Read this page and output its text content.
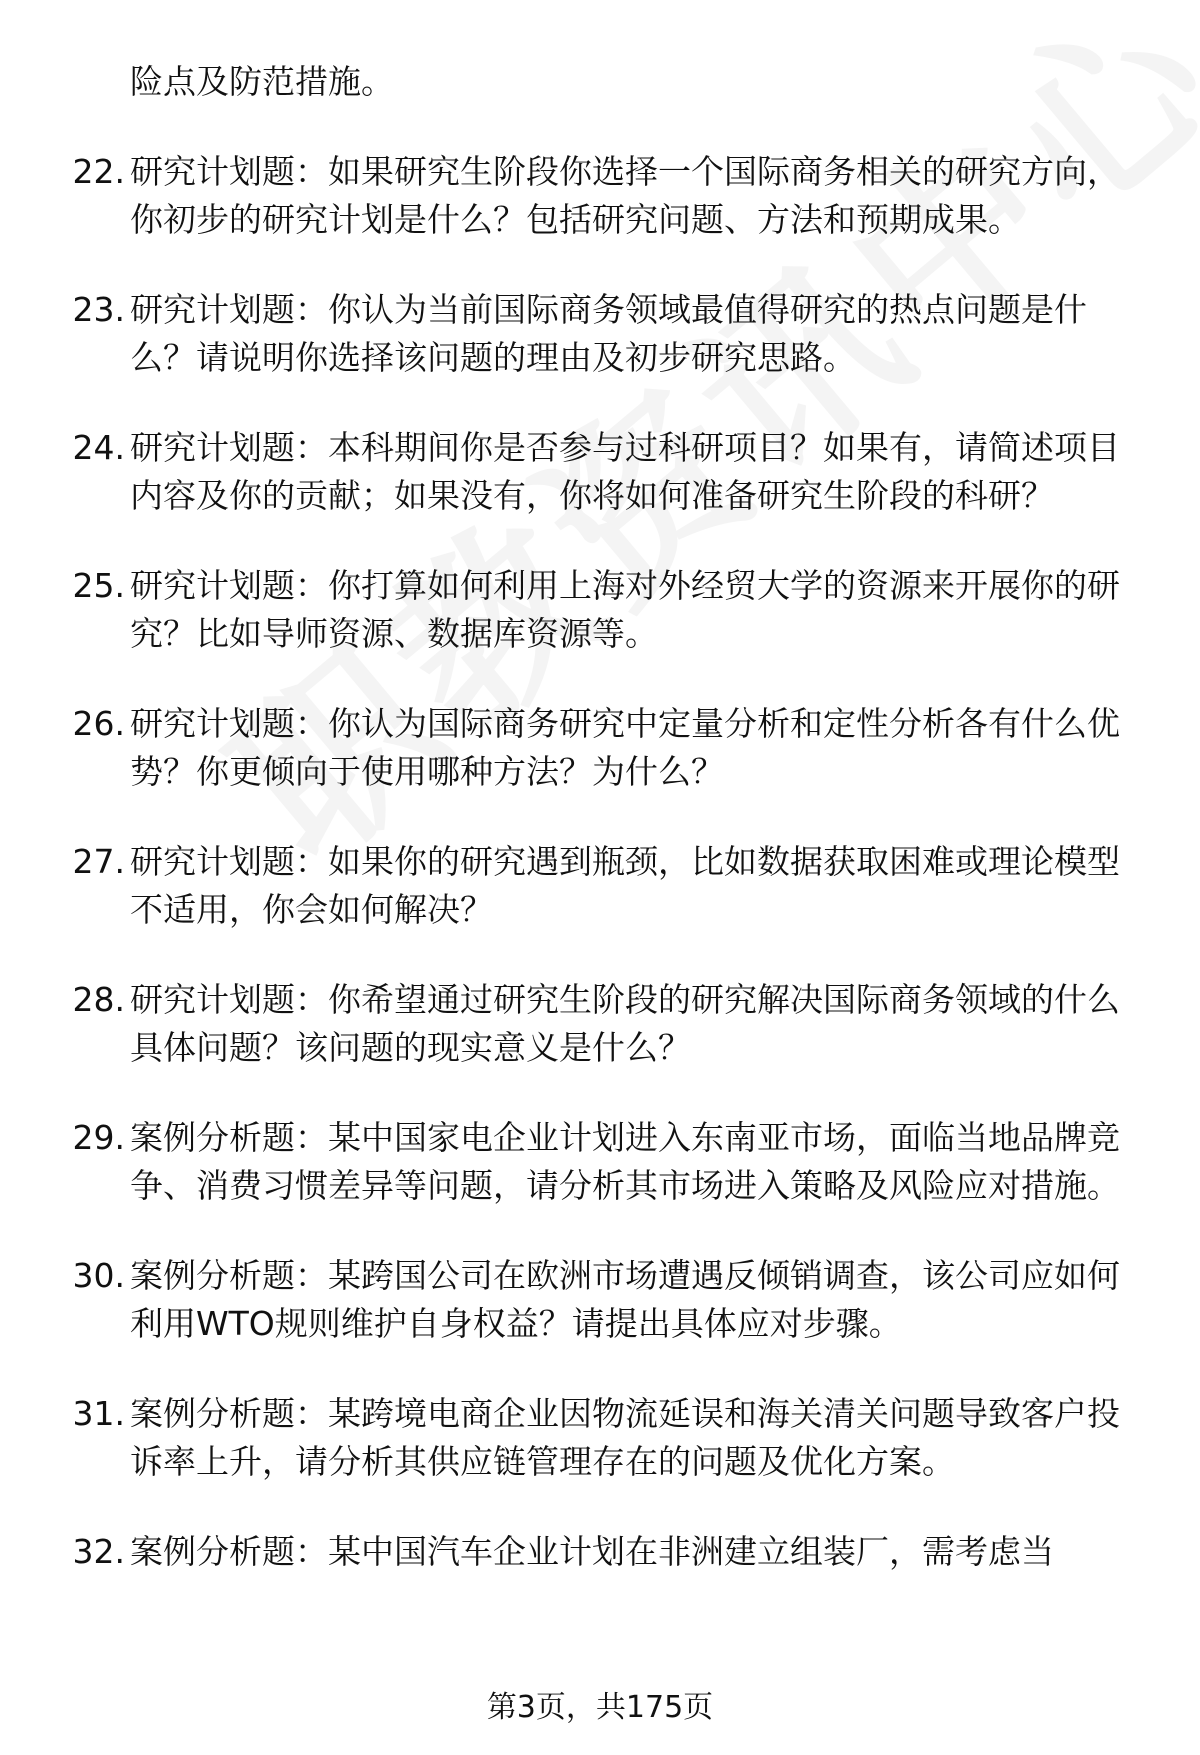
险点及防范措施。
22. 研究计划题：如果研究生阶段你选择一个国际商务相关的研究方向，你初步的研究计划是什么？包括研究问题、方法和预期成果。
23. 研究计划题：你认为当前国际商务领域最值得研究的热点问题是什么？请说明你选择该问题的理由及初步研究思路。
24. 研究计划题：本科期间你是否参与过科研项目？如果有，请简述项目内容及你的贡献；如果没有，你将如何准备研究生阶段的科研？
25. 研究计划题：你打算如何利用上海对外经贸大学的资源来开展你的研究？比如导师资源、数据库资源等。
26. 研究计划题：你认为国际商务研究中定量分析和定性分析各有什么优势？你更倾向于使用哪种方法？为什么？
27. 研究计划题：如果你的研究遇到瓶颈，比如数据获取困难或理论模型不适用，你会如何解决？
28. 研究计划题：你希望通过研究生阶段的研究解决国际商务领域的什么具体问题？该问题的现实意义是什么？
29. 案例分析题：某中国家电企业计划进入东南亚市场，面临当地品牌竞争、消费习惯差异等问题，请分析其市场进入策略及风险应对措施。
30. 案例分析题：某跨国公司在欧洲市场遭遇反倾销调查，该公司应如何利用WTO规则维护自身权益？请提出具体应对步骤。
31. 案例分析题：某跨境电商企业因物流延误和海关清关问题导致客户投诉率上升，请分析其供应链管理存在的问题及优化方案。
32. 案例分析题：某中国汽车企业计划在非洲建立组装厂，需考虑当
第3页，共175页
